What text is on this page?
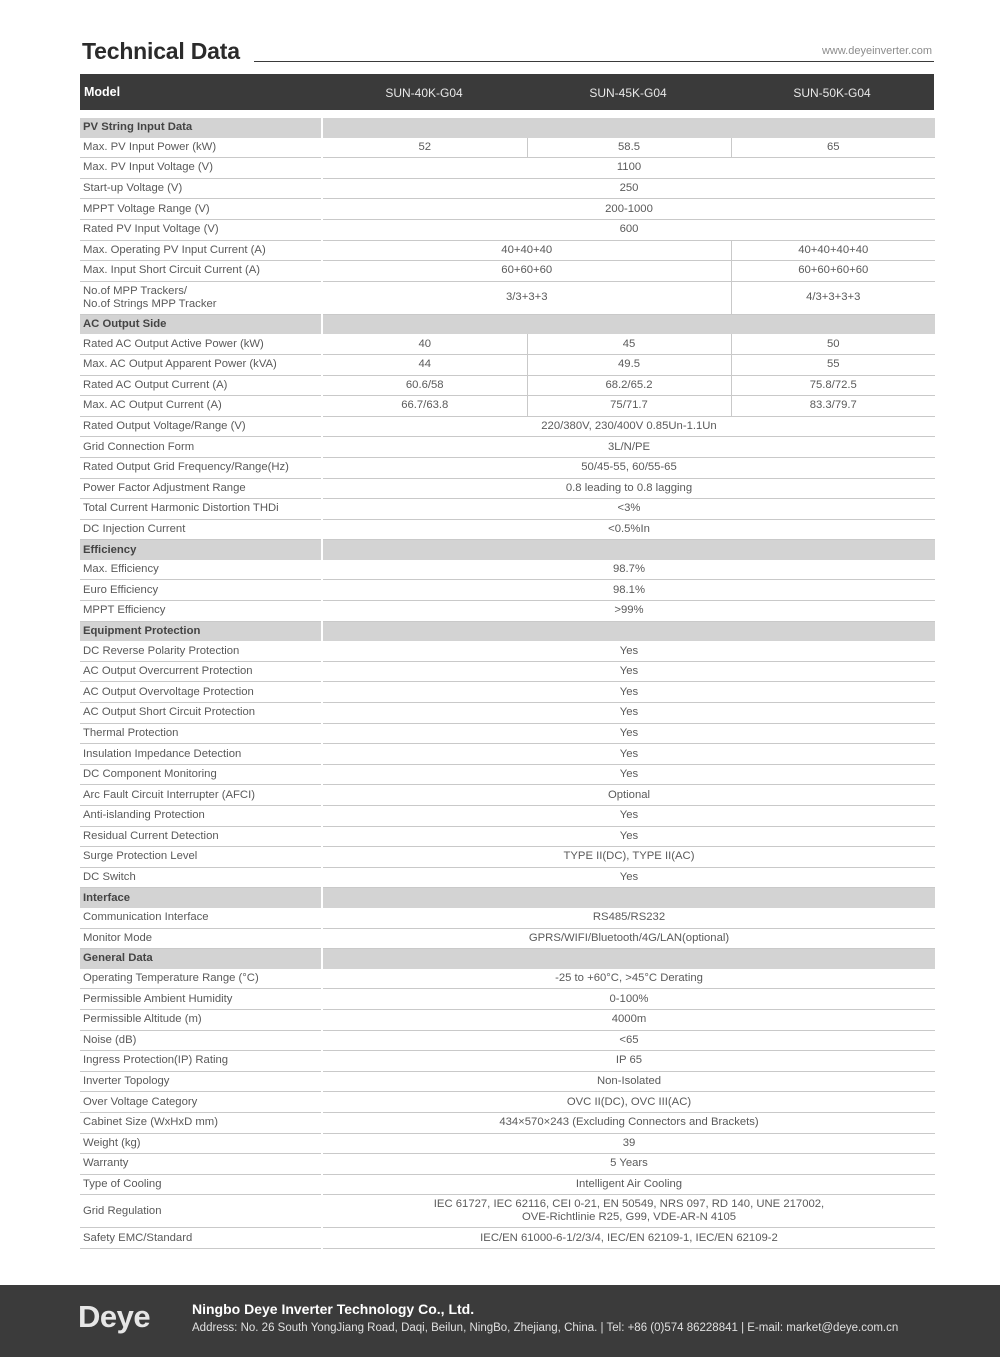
Technical Data	www.deyeinverter.com
Model	SUN-40K-G04	SUN-45K-G04	SUN-50K-G04
PV String Input Data				
Max. PV Input Power (kW)		52	58.5	65
Max. PV Input Voltage (V)		1100		
Start-up Voltage (V)		250		
MPPT Voltage Range (V)		200-1000		
Rated PV Input Voltage (V)		600		
Max. Operating PV Input Current (A)		40+40+40		40+40+40+40
Max. Input Short Circuit Current (A)		60+60+60		60+60+60+60
No.of MPP Trackers/
No.of Strings MPP Tracker		3/3+3+3		4/3+3+3+3
AC Output Side				
Rated AC Output Active Power (kW)		40	45	50
Max. AC Output Apparent Power (kVA)		44	49.5	55
Rated AC Output Current (A)		60.6/58	68.2/65.2	75.8/72.5
Max. AC Output Current (A)		66.7/63.8	75/71.7	83.3/79.7
Rated Output Voltage/Range (V)		220/380V, 230/400V 0.85Un-1.1Un		
Grid Connection Form		3L/N/PE		
Rated Output Grid Frequency/Range(Hz)		50/45-55, 60/55-65		
Power Factor Adjustment Range		0.8 leading to 0.8 lagging		
Total Current Harmonic Distortion THDi		<3%		
DC Injection Current		<0.5%In		
Efficiency				
Max. Efficiency		98.7%		
Euro Efficiency		98.1%		
MPPT Efficiency		>99%		
Equipment Protection				
DC Reverse Polarity Protection		Yes		
AC Output Overcurrent Protection		Yes		
AC Output Overvoltage Protection		Yes		
AC Output Short Circuit Protection		Yes		
Thermal Protection		Yes		
Insulation Impedance Detection		Yes		
DC Component Monitoring		Yes		
Arc Fault Circuit Interrupter (AFCI)		Optional		
Anti-islanding Protection		Yes		
Residual Current Detection		Yes		
Surge Protection Level		TYPE II(DC), TYPE II(AC)		
DC Switch		Yes		
Interface				
Communication Interface		RS485/RS232		
Monitor Mode		GPRS/WIFI/Bluetooth/4G/LAN(optional)		
General Data				
Operating Temperature Range (°C)		-25 to +60°C, >45°C Derating		
Permissible Ambient Humidity		0-100%		
Permissible Altitude (m)		4000m		
Noise (dB)		<65		
Ingress Protection(IP) Rating		IP 65		
Inverter Topology		Non-Isolated		
Over Voltage Category		OVC II(DC), OVC III(AC)		
Cabinet Size (WxHxD mm)		434×570×243 (Excluding Connectors and Brackets)		
Weight (kg)		39		
Warranty		5 Years		
Type of Cooling		Intelligent Air Cooling		
Grid Regulation		IEC 61727, IEC 62116, CEI 0-21, EN 50549, NRS 097, RD 140, UNE 217002,
OVE-Richtlinie R25, G99, VDE-AR-N 4105		
Safety EMC/Standard		IEC/EN 61000-6-1/2/3/4, IEC/EN 62109-1, IEC/EN 62109-2		
Deye	Ningbo Deye Inverter Technology Co., Ltd.
Address: No. 26 South YongJiang Road, Daqi, Beilun, NingBo, Zhejiang, China. | Tel: +86 (0)574 86228841 | E-mail: market@deye.com.cn
